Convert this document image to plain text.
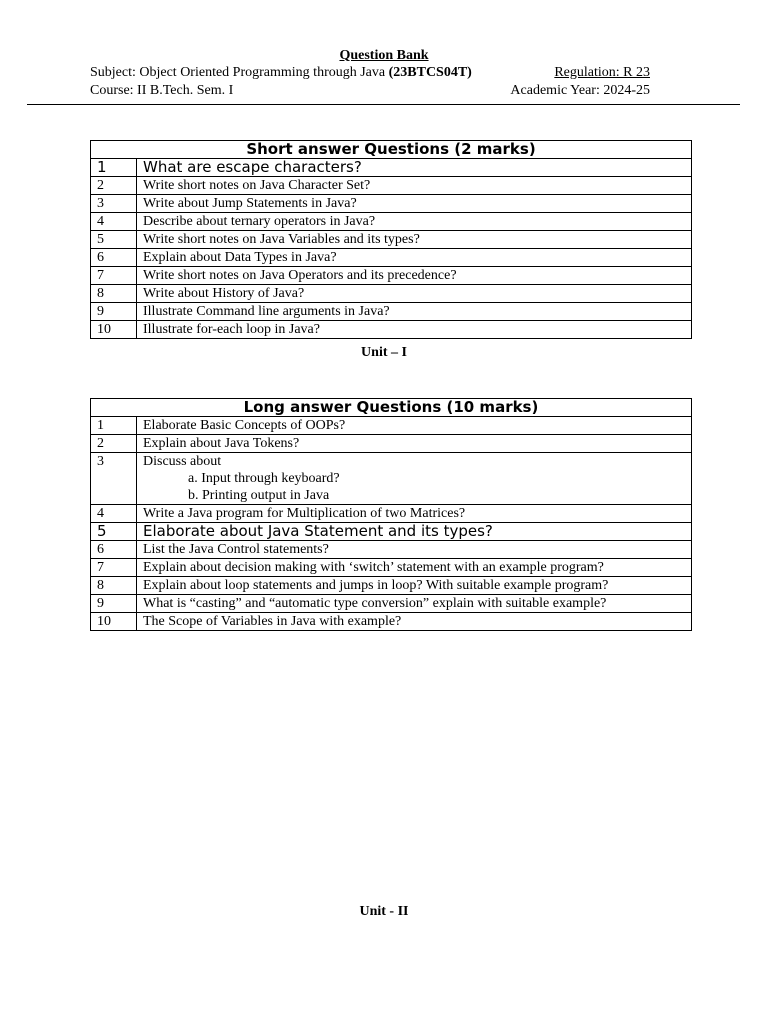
Question Bank
Subject: Object Oriented Programming through Java (23BTCS04T)	Regulation: R 23
Course: II B.Tech. Sem. I	Academic Year: 2024-25
Short answer Questions (2 marks)	
1	What are escape characters?
2	Write short notes on Java Character Set?
3	Write about Jump Statements in Java?
4	Describe about ternary operators in Java?
5	Write short notes on Java Variables and its types?
6	Explain about Data Types in Java?
7	Write short notes on Java Operators and its precedence?
8	Write about History of Java?
9	Illustrate Command line arguments in Java?
10	Illustrate for-each loop in Java?
Unit – I
Long answer Questions (10 marks)	
1	Elaborate Basic Concepts of OOPs?
2	Explain about Java Tokens?
3	Discuss about
a. Input through keyboard?
b. Printing output in Java

4	Write a Java program for Multiplication of two Matrices?
5	Elaborate about Java Statement and its types?
6	List the Java Control statements?
7	Explain about decision making with ‘switch’ statement with an example program?
8	Explain about loop statements and jumps in loop? With suitable example program?
9	What is “casting” and “automatic type conversion” explain with suitable example?
10	The Scope of Variables in Java with example?
Unit - II
